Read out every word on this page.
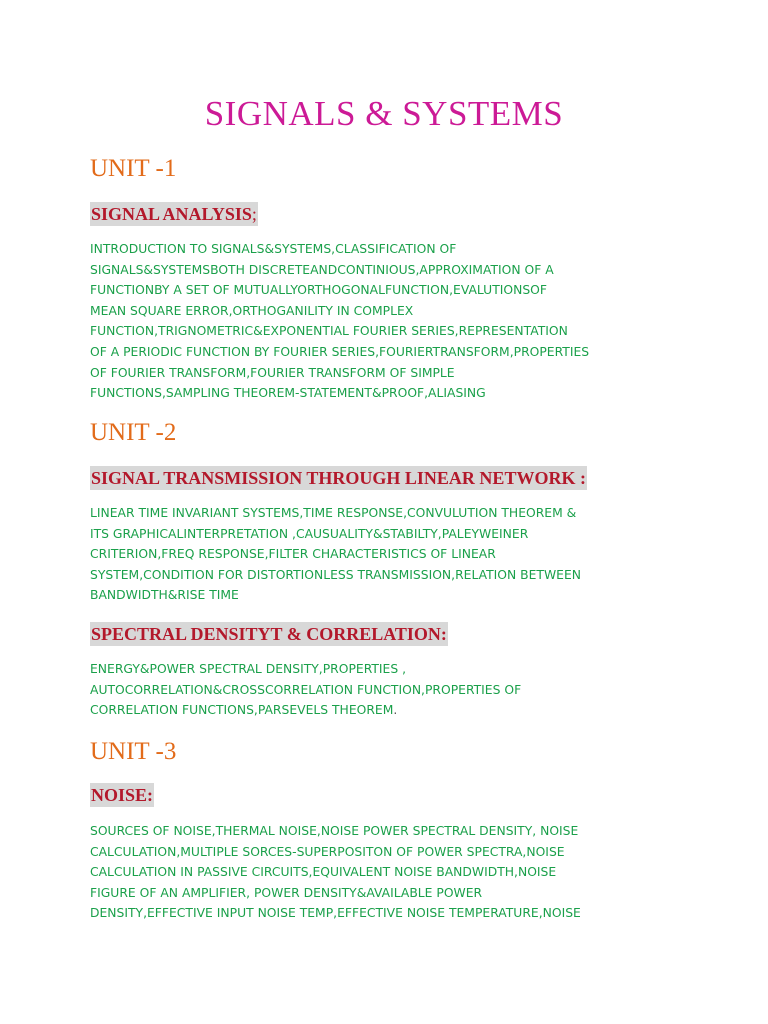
SIGNALS & SYSTEMS
UNIT -1
SIGNAL ANALYSIS;
INTRODUCTION TO SIGNALS&SYSTEMS,CLASSIFICATION OF
SIGNALS&SYSTEMSBOTH DISCRETEANDCONTINIOUS,APPROXIMATION OF A
FUNCTIONBY A SET OF MUTUALLYORTHOGONALFUNCTION,EVALUTIONSOF
MEAN SQUARE ERROR,ORTHOGANILITY IN COMPLEX
FUNCTION,TRIGNOMETRIC&EXPONENTIAL FOURIER SERIES,REPRESENTATION
OF A PERIODIC FUNCTION BY FOURIER SERIES,FOURIERTRANSFORM,PROPERTIES
OF FOURIER TRANSFORM,FOURIER TRANSFORM OF SIMPLE
FUNCTIONS,SAMPLING THEOREM-STATEMENT&PROOF,ALIASING
UNIT -2
SIGNAL TRANSMISSION THROUGH LINEAR NETWORK :
LINEAR TIME INVARIANT SYSTEMS,TIME RESPONSE,CONVULUTION THEOREM &
ITS GRAPHICALINTERPRETATION ,CAUSUALITY&STABILTY,PALEYWEINER
CRITERION,FREQ RESPONSE,FILTER CHARACTERISTICS OF LINEAR
SYSTEM,CONDITION FOR DISTORTIONLESS TRANSMISSION,RELATION BETWEEN
BANDWIDTH&RISE TIME
SPECTRAL DENSITYT & CORRELATION:
ENERGY&POWER SPECTRAL DENSITY,PROPERTIES ,
AUTOCORRELATION&CROSSCORRELATION FUNCTION,PROPERTIES OF
CORRELATION FUNCTIONS,PARSEVELS THEOREM.
UNIT -3
NOISE:
SOURCES OF NOISE,THERMAL NOISE,NOISE POWER SPECTRAL DENSITY, NOISE
CALCULATION,MULTIPLE SORCES-SUPERPOSITON OF POWER SPECTRA,NOISE
CALCULATION IN PASSIVE CIRCUITS,EQUIVALENT NOISE BANDWIDTH,NOISE
FIGURE OF AN AMPLIFIER, POWER DENSITY&AVAILABLE POWER
DENSITY,EFFECTIVE INPUT NOISE TEMP,EFFECTIVE NOISE TEMPERATURE,NOISE
